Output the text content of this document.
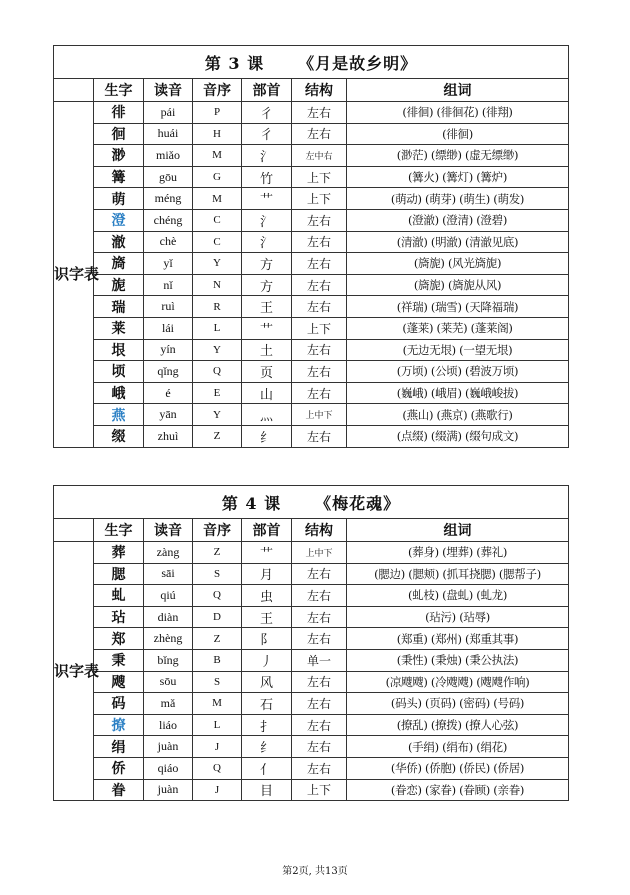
第 3 课 《月是故乡明》						
	生字	读音	音序	部首	结构	组词
识字表	徘	pái	P	彳	左右	(徘徊) (徘徊花) (徘翔)
	徊	huái	H	彳	左右	(徘徊)
	渺	miǎo	M	氵	左中右	(渺茫) (缥缈) (虚无缥缈)
	篝	gōu	G	竹	上下	(篝火) (篝灯) (篝炉)
	萌	méng	M	艹	上下	(萌动) (萌芽) (萌生) (萌发)
	澄	chéng	C	氵	左右	(澄澈) (澄清) (澄碧)
	澈	chè	C	氵	左右	(清澈) (明澈) (清澈见底)
	旖	yǐ	Y	方	左右	(旖旎) (风光旖旎)
	旎	nǐ	N	方	左右	(旖旎) (旖旎从风)
	瑞	ruì	R	王	左右	(祥瑞) (瑞雪) (天降福瑞)
	莱	lái	L	艹	上下	(蓬莱) (莱芜) (蓬莱阁)
	垠	yín	Y	土	左右	(无边无垠) (一望无垠)
	顷	qǐng	Q	页	左右	(万顷) (公顷) (碧波万顷)
	峨	é	E	山	左右	(巍峨) (峨眉) (巍峨峻拔)
	燕	yān	Y	灬	上中下	(燕山) (燕京) (燕歌行)
	缀	zhuì	Z	纟	左右	(点缀) (缀满) (缀句成文)
第 4 课 《梅花魂》						
	生字	读音	音序	部首	结构	组词
识字表	葬	zàng	Z	艹	上中下	(葬身) (埋葬) (葬礼)
	腮	sāi	S	月	左右	(腮边) (腮颊) (抓耳挠腮) (腮帮子)
	虬	qiú	Q	虫	左右	(虬枝) (盘虬) (虬龙)
	玷	diàn	D	王	左右	(玷污) (玷辱)
	郑	zhèng	Z	阝	左右	(郑重) (郑州) (郑重其事)
	秉	bǐng	B	丿	单一	(秉性) (秉烛) (秉公执法)
	飕	sōu	S	风	左右	(凉飕飕) (冷飕飕) (飕飕作响)
	码	mǎ	M	石	左右	(码头) (页码) (密码) (号码)
	撩	liáo	L	扌	左右	(撩乱) (撩拨) (撩人心弦)
	绢	juàn	J	纟	左右	(手绢) (绢布) (绢花)
	侨	qiáo	Q	亻	左右	(华侨) (侨胞) (侨民) (侨居)
	眷	juàn	J	目	上下	(眷恋) (家眷) (眷顾) (亲眷)
第2页, 共13页
